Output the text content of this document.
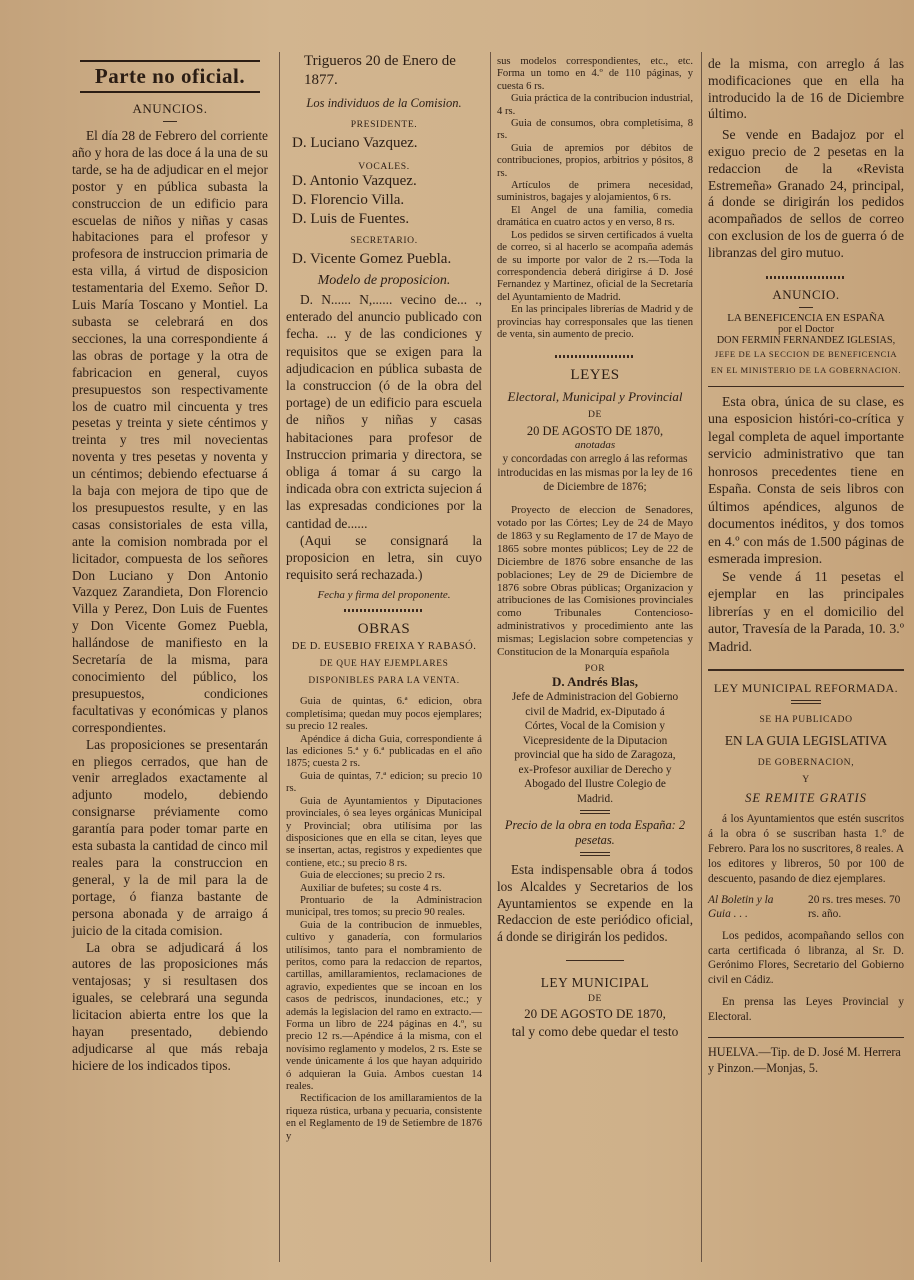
Parte no oficial.
ANUNCIOS.

El día 28 de Febrero del corriente año y hora de las doce á la una de su tarde, se ha de adjudicar en el mejor postor y en pública subasta la construccion de un edificio para escuelas de niños y niñas y casas habitaciones para el profesor y profesora de instruccion primaria de esta villa, á virtud de disposicion testamentaria del Exemo. Señor D. Luis María Toscano y Montiel. La subasta se celebrará en dos secciones, la una correspondiente á las obras de portage y la otra de fabricacion en general, cuyos presupuestos son respectivamente los de cuatro mil cincuenta y tres pesetas y treinta y siete céntimos y treinta y tres mil novecientas noventa y tres pesetas y noventa y un céntimos; debiendo efectuarse á la baja con mejora de tipo que de los presupuestos resulte, y en las casas consistoriales de esta villa, ante la comision nombrada por el licitador, compuesta de los señores Don Luciano y Don Antonio Vazquez Zarandieta, Don Florencio Villa y Perez, Don Luis de Fuentes y Don Vicente Gomez Puebla, hallándose de manifiesto en la Secretaría de la misma, para conocimiento del público, los presupuestos, condiciones facultativas y económicas y planos correspondientes.

Las proposiciones se presentarán en pliegos cerrados, que han de venir arreglados exactamente al adjunto modelo, debiendo consignarse préviamente como garantía para poder tomar parte en esta subasta la cantidad de cinco mil reales para la construccion en general, y la de mil para la de portage, ó fianza bastante de persona abonada y de arraigo á juicio de la citada comision.

La obra se adjudicará á los autores de las proposiciones más ventajosas; y si resultasen dos iguales, se celebrará una segunda licitacion abierta entre los que la hayan presentado, debiendo adjudicarse al que más rebaja hiciere de los indicados tipos.

Trigueros 20 de Enero de 1877.

Los individuos de la Comision.

PRESIDENTE.

D. Luciano Vazquez.

VOCALES.

D. Antonio Vazquez.

D. Florencio Villa.

D. Luis de Fuentes.

SECRETARIO.

D. Vicente Gomez Puebla.

Modelo de proposicion.

D. N...... N,...... vecino de... ., enterado del anuncio publicado con fecha. ... y de las condiciones y requisitos que se exigen para la adjudicacion en pública subasta de la construccion (ó de la obra del portage) de un edificio para escuela de niños y niñas y casas habitaciones para profesor de Instruccion primaria y directora, se obliga á tomar á su cargo la indicada obra con extricta sujecion á las expresadas condiciones por la cantidad de......

(Aqui se consignará la proposicion en letra, sin cuyo requisito será rechazada.)

Fecha y firma del proponente.

OBRAS

DE D. EUSEBIO FREIXA Y RABASÓ.

DE QUE HAY EJEMPLARES DISPONIBLES PARA LA VENTA.

Guia de quintas, 6.ª edicion, obra completísima; quedan muy pocos ejemplares; su precio 12 reales.

Apéndice á dicha Guia, correspondiente á las ediciones 5.ª y 6.ª publicadas en el año 1875; cuesta 2 rs.

Guia de quintas, 7.ª edicion; su precio 10 rs.

Guia de Ayuntamientos y Diputaciones provinciales, ó sea leyes orgánicas Municipal y Provincial; obra utilísima por las disposiciones que en ella se citan, leyes que se insertan, actas, registros y expedientes que contiene, etc.; su precio 8 rs.

Guia de elecciones; su precio 2 rs.

Auxiliar de bufetes; su coste 4 rs.

Prontuario de la Administracion municipal, tres tomos; su precio 90 reales.

Guia de la contribucion de inmuebles, cultivo y ganadería, con formularios utilísimos, tanto para el nombramiento de peritos, como para la redaccion de repartos, cartillas, amillaramientos, reclamaciones de agravio, expedientes que se incoan en los casos de pedriscos, inundaciones, etc.; y además la legislacion del ramo en extracto.—Forma un libro de 224 páginas en 4.º, su precio 12 rs.—Apéndice á la misma, con el novísimo reglamento y modelos, 2 rs. Este se vende únicamente á los que hayan adquirido ó adquieran la Guia. Ambos cuestan 14 reales.

Rectificacion de los amillaramientos de la riqueza rústica, urbana y pecuaria, consistente en el Reglamento de 19 de Setiembre de 1876 y

sus modelos correspondientes, etc., etc. Forma un tomo en 4.º de 110 páginas, y cuesta 6 rs.

Guia práctica de la contribucion industrial, 4 rs.

Guia de consumos, obra completísima, 8 rs.

Guia de apremios por débitos de contribuciones, propios, arbitrios y pósitos, 8 rs.

Artículos de primera necesidad, suministros, bagajes y alojamientos, 6 rs.

El Angel de una familia, comedia dramática en cuatro actos y en verso, 8 rs.

Los pedidos se sirven certificados á vuelta de correo, si al hacerlo se acompaña además de su importe por valor de 2 rs.—Toda la correspondencia deberá dirigirse á D. José Fernandez y Martinez, oficial de la Secretaría del Ayuntamiento de Madrid.

En las principales librerías de Madrid y de provincias hay corresponsales que las tienen de venta, sin aumento de precio.

LEYES

Electoral, Municipal y Provincial

DE

20 DE AGOSTO DE 1870,

anotadas

y concordadas con arreglo á las reformas introducidas en las mismas por la ley de 16 de Diciembre de 1876;

Proyecto de eleccion de Senadores, votado por las Córtes; Ley de 24 de Mayo de 1863 y su Reglamento de 17 de Mayo de 1865 sobre montes públicos; Ley de 22 de Diciembre de 1876 sobre ensanche de las poblaciones; Ley de 29 de Diciembre de 1876 sobre Obras públicas; Organizacion y atribuciones de las Comisiones provinciales como Tribunales Contencioso-administrativos y procedimiento ante las mismas; Legislacion sobre competencias y Constitucion de la Monarquía española

POR

D. Andrés Blas,

Jefe de Administracion del Gobierno civil de Madrid, ex-Diputado á Córtes, Vocal de la Comision y Vicepresidente de la Diputacion provincial que ha sido de Zaragoza, ex-Profesor auxiliar de Derecho y Abogado del Ilustre Colegio de Madrid.

Precio de la obra en toda España: 2 pesetas.

Esta indispensable obra á todos los Alcaldes y Secretarios de los Ayuntamientos se expende en la Redaccion de este periódico oficial, á donde se dirigirán los pedidos.

LEY MUNICIPAL

DE

20 DE AGOSTO DE 1870,

tal y como debe quedar el testo

de la misma, con arreglo á las modificaciones que en ella ha introducido la de 16 de Diciembre último.

Se vende en Badajoz por el exiguo precio de 2 pesetas en la redaccion de la «Revista Estremeña» Granado 24, principal, á donde se dirigirán los pedidos acompañados de sellos de correo con exclusion de los de guerra ó de libranzas del giro mutuo.

ANUNCIO.

LA BENEFICENCIA EN ESPAÑA

por el Doctor

DON FERMIN FERNANDEZ IGLESIAS,

JEFE DE LA SECCION DE BENEFICENCIA EN EL MINISTERIO DE LA GOBERNACION.

Esta obra, única de su clase, es una esposicion históri-co-crítica y legal completa de aquel importante servicio administrativo que tan honrosos precedentes tiene en España. Consta de seis libros con últimos apéndices, algunos de documentos inéditos, y dos tomos en 4.º con más de 1.500 páginas de esmerada impresion.

Se vende á 11 pesetas el ejemplar en las principales librerías y en el domicilio del autor, Travesía de la Parada, 10. 3.º Madrid.

LEY MUNICIPAL REFORMADA.

SE HA PUBLICADO

EN LA GUIA LEGISLATIVA

DE GOBERNACION,

Y

SE REMITE GRATIS

á los Ayuntamientos que estén suscritos á la obra ó se suscriban hasta 1.º de Febrero. Para los no suscritores, 8 reales. A los editores y libreros, 50 por 100 de descuento, pasando de diez ejemplares.

Al Boletin y la Guia . . .
20 rs. tres meses. 70 rs. año.

Los pedidos, acompañando sellos con carta certificada ó libranza, al Sr. D. Gerónimo Flores, Secretario del Gobierno civil en Cádiz.

En prensa las Leyes Provincial y Electoral.

HUELVA.—Tip. de D. José M. Herrera y Pinzon.—Monjas, 5.
